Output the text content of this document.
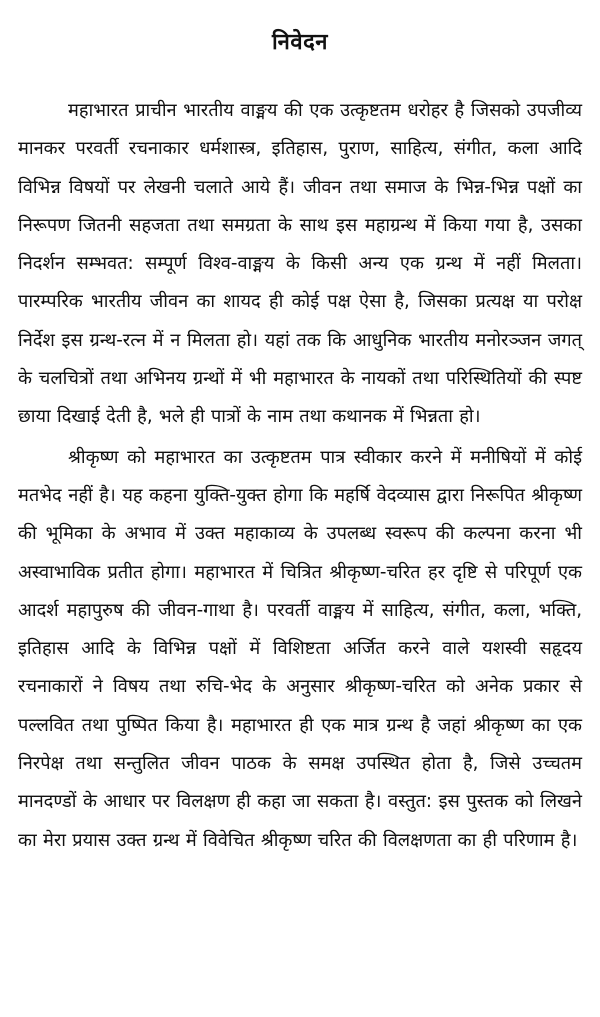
निवेदन

महाभारत प्राचीन भारतीय वाङ्मय की एक उत्कृष्टतम धरोहर है जिसको उपजीव्य मानकर परवर्ती रचनाकार धर्मशास्त्र, इतिहास, पुराण, साहित्य, संगीत, कला आदि विभिन्न विषयों पर लेखनी चलाते आये हैं। जीवन तथा समाज के भिन्न-भिन्न पक्षों का निरूपण जितनी सहजता तथा समग्रता के साथ इस महाग्रन्थ में किया गया है, उसका निदर्शन सम्भवत: सम्पूर्ण विश्व-वाङ्मय के किसी अन्य एक ग्रन्थ में नहीं मिलता। पारम्परिक भारतीय जीवन का शायद ही कोई पक्ष ऐसा है, जिसका प्रत्यक्ष या परोक्ष निर्देश इस ग्रन्थ-रत्न में न मिलता हो। यहां तक कि आधुनिक भारतीय मनोरञ्जन जगत् के चलचित्रों तथा अभिनय ग्रन्थों में भी महाभारत के नायकों तथा परिस्थितियों की स्पष्ट छाया दिखाई देती है, भले ही पात्रों के नाम तथा कथानक में भिन्नता हो।

श्रीकृष्ण को महाभारत का उत्कृष्टतम पात्र स्वीकार करने में मनीषियों में कोई मतभेद नहीं है। यह कहना युक्ति-युक्त होगा कि महर्षि वेदव्यास द्वारा निरूपित श्रीकृष्ण की भूमिका के अभाव में उक्त महाकाव्य के उपलब्ध स्वरूप की कल्पना करना भी अस्वाभाविक प्रतीत होगा। महाभारत में चित्रित श्रीकृष्ण-चरित हर दृष्टि से परिपूर्ण एक आदर्श महापुरुष की जीवन-गाथा है। परवर्ती वाङ्मय में साहित्य, संगीत, कला, भक्ति, इतिहास आदि के विभिन्न पक्षों में विशिष्टता अर्जित करने वाले यशस्वी सहृदय रचनाकारों ने विषय तथा रुचि-भेद के अनुसार श्रीकृष्ण-चरित को अनेक प्रकार से पल्लवित तथा पुष्पित किया है। महाभारत ही एक मात्र ग्रन्थ है जहां श्रीकृष्ण का एक निरपेक्ष तथा सन्तुलित जीवन पाठक के समक्ष उपस्थित होता है, जिसे उच्चतम मानदण्डों के आधार पर विलक्षण ही कहा जा सकता है। वस्तुत: इस पुस्तक को लिखने का मेरा प्रयास उक्त ग्रन्थ में विवेचित श्रीकृष्ण चरित की विलक्षणता का ही परिणाम है।
